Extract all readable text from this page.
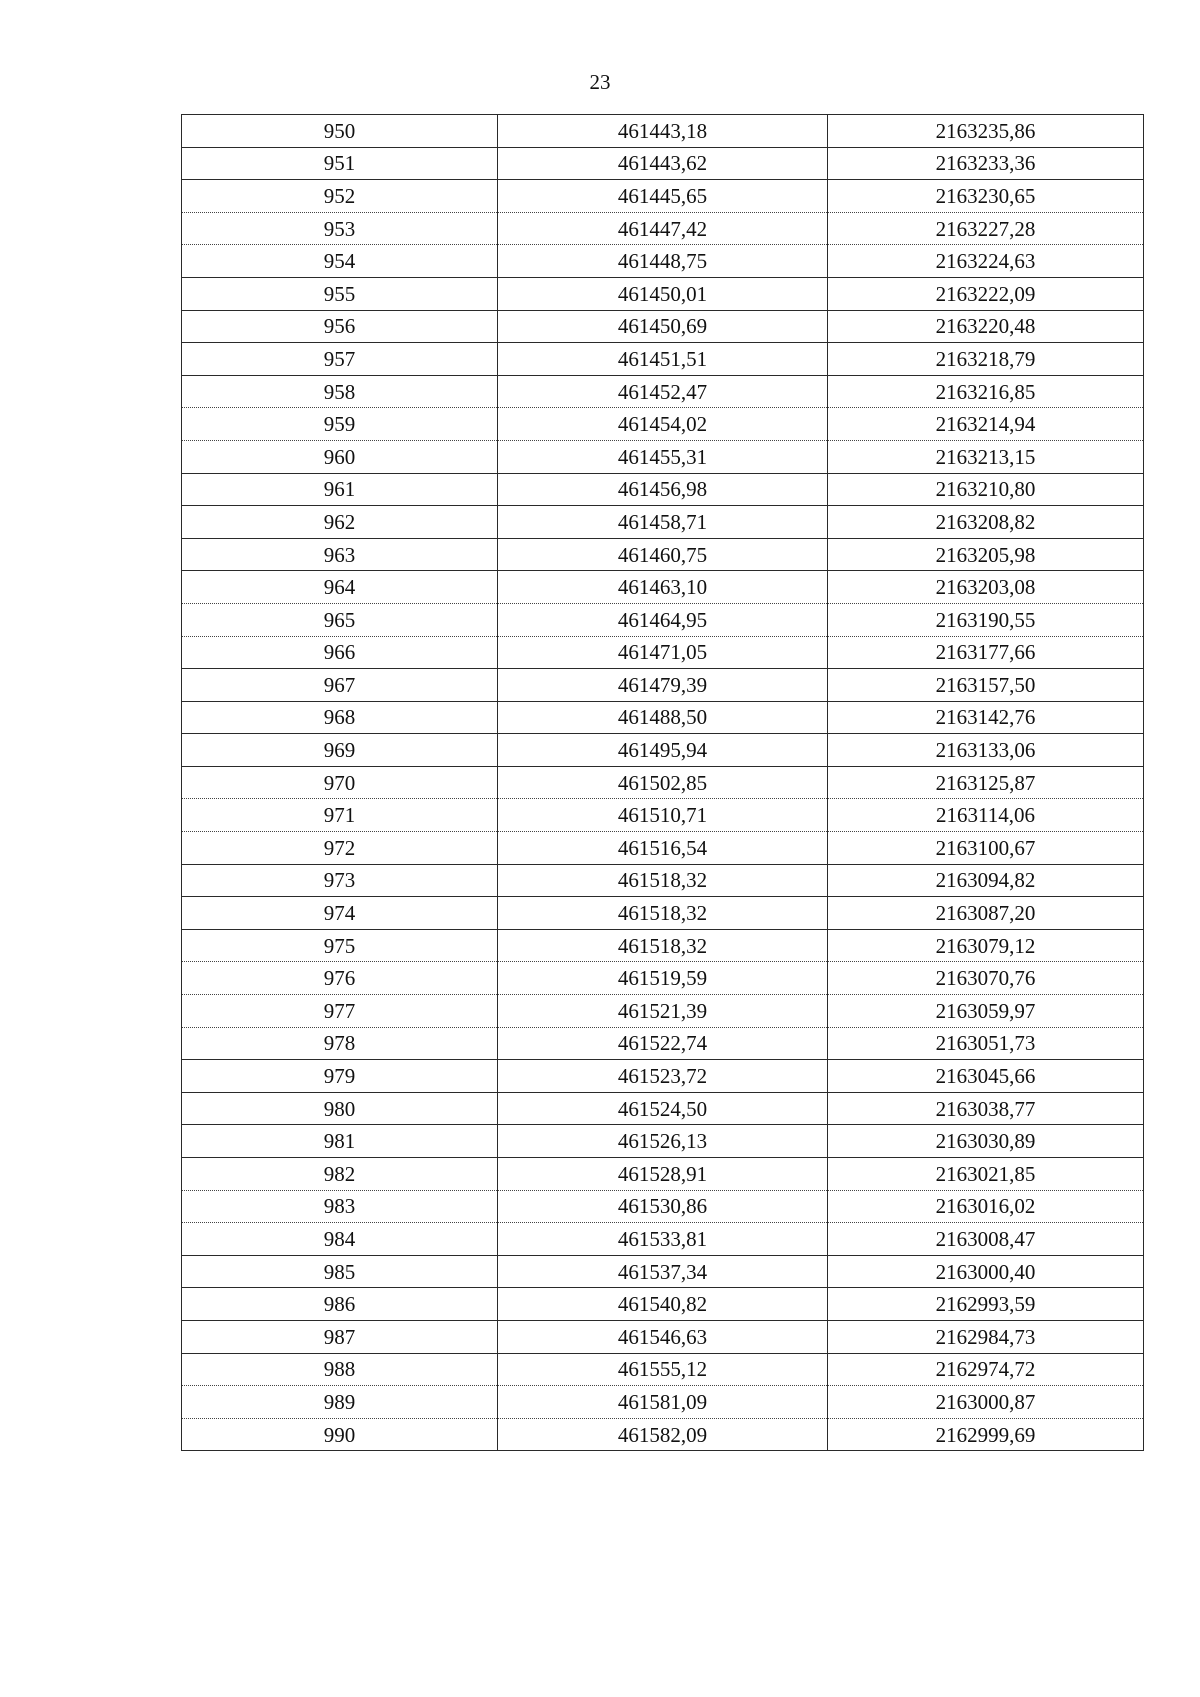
23
950	461443,18	2163235,86
951	461443,62	2163233,36
952	461445,65	2163230,65
953	461447,42	2163227,28
954	461448,75	2163224,63
955	461450,01	2163222,09
956	461450,69	2163220,48
957	461451,51	2163218,79
958	461452,47	2163216,85
959	461454,02	2163214,94
960	461455,31	2163213,15
961	461456,98	2163210,80
962	461458,71	2163208,82
963	461460,75	2163205,98
964	461463,10	2163203,08
965	461464,95	2163190,55
966	461471,05	2163177,66
967	461479,39	2163157,50
968	461488,50	2163142,76
969	461495,94	2163133,06
970	461502,85	2163125,87
971	461510,71	2163114,06
972	461516,54	2163100,67
973	461518,32	2163094,82
974	461518,32	2163087,20
975	461518,32	2163079,12
976	461519,59	2163070,76
977	461521,39	2163059,97
978	461522,74	2163051,73
979	461523,72	2163045,66
980	461524,50	2163038,77
981	461526,13	2163030,89
982	461528,91	2163021,85
983	461530,86	2163016,02
984	461533,81	2163008,47
985	461537,34	2163000,40
986	461540,82	2162993,59
987	461546,63	2162984,73
988	461555,12	2162974,72
989	461581,09	2163000,87
990	461582,09	2162999,69
